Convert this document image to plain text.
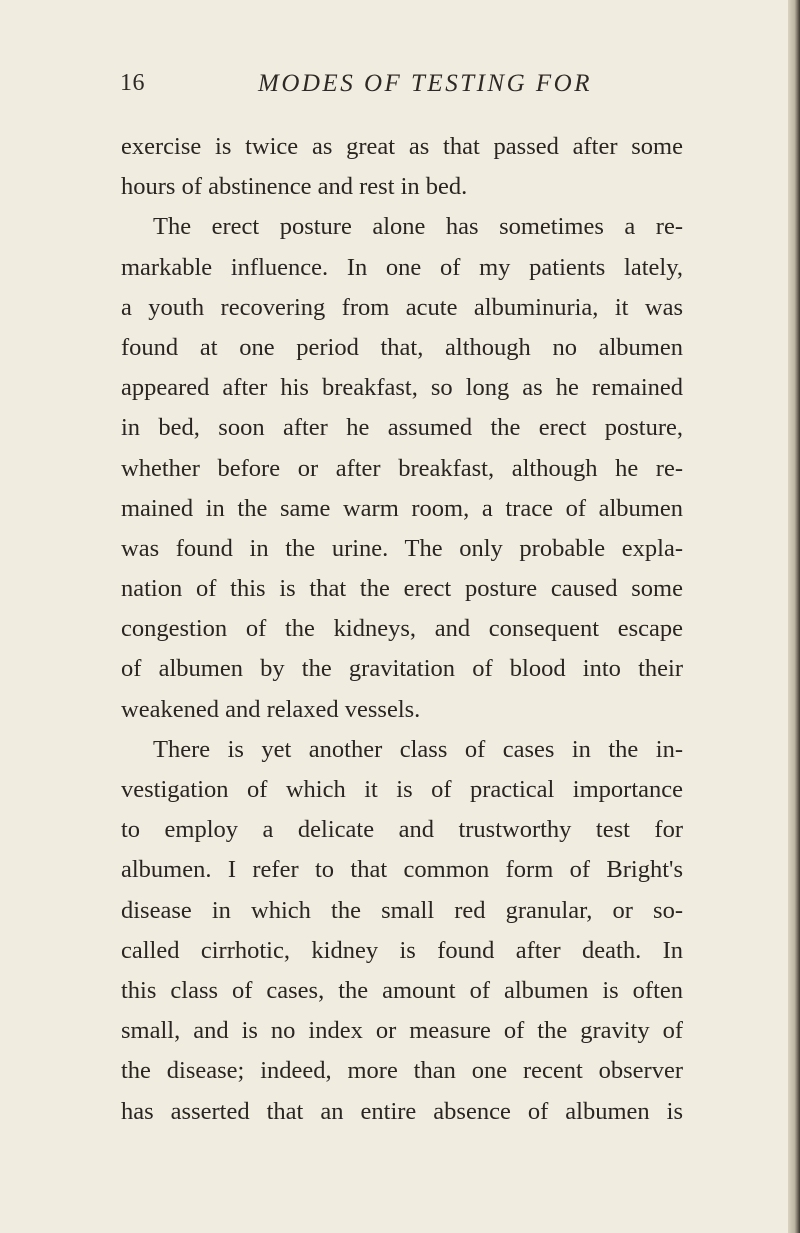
16	MODES OF TESTING FOR
exercise is twice as great as that passed after some
hours of abstinence and rest in bed.
The erect posture alone has sometimes a re-
markable influence. In one of my patients lately,
a youth recovering from acute albuminuria, it was
found at one period that, although no albumen
appeared after his breakfast, so long as he remained
in bed, soon after he assumed the erect posture,
whether before or after breakfast, although he re-
mained in the same warm room, a trace of albumen
was found in the urine. The only probable expla-
nation of this is that the erect posture caused some
congestion of the kidneys, and consequent escape
of albumen by the gravitation of blood into their
weakened and relaxed vessels.
There is yet another class of cases in the in-
vestigation of which it is of practical importance
to employ a delicate and trustworthy test for
albumen. I refer to that common form of Bright's
disease in which the small red granular, or so-
called cirrhotic, kidney is found after death. In
this class of cases, the amount of albumen is often
small, and is no index or measure of the gravity of
the disease; indeed, more than one recent observer
has asserted that an entire absence of albumen is
